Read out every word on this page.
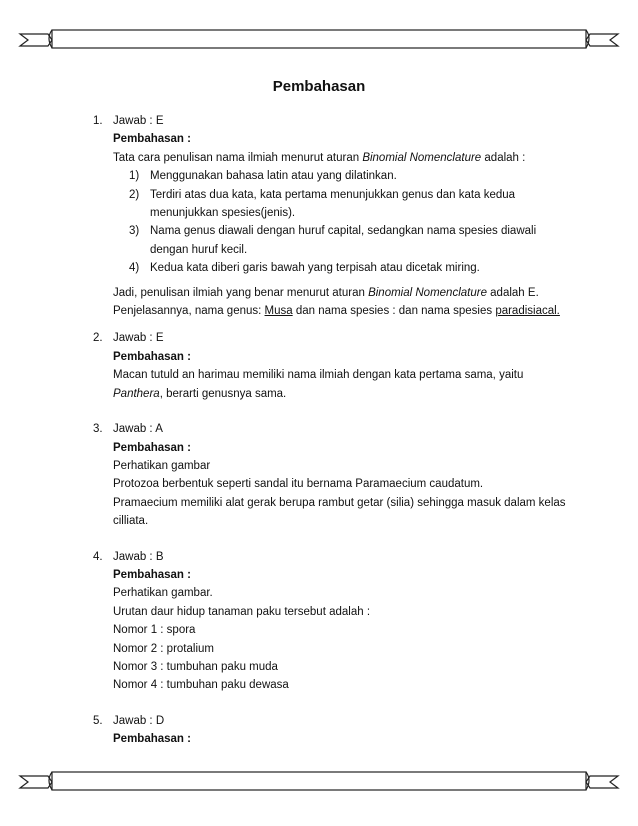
Pembahasan
1. Jawab : E
Pembahasan :
Tata cara penulisan nama ilmiah menurut aturan Binomial Nomenclature adalah :
1) Menggunakan bahasa latin atau yang dilatinkan.
2) Terdiri atas dua kata, kata pertama menunjukkan genus dan kata kedua menunjukkan spesies(jenis).
3) Nama genus diawali dengan huruf capital, sedangkan nama spesies diawali dengan huruf kecil.
4) Kedua kata diberi garis bawah yang terpisah atau dicetak miring.
Jadi, penulisan ilmiah yang benar menurut aturan Binomial Nomenclature adalah E.
Penjelasannya, nama genus: Musa dan nama spesies : dan nama spesies paradisiacal.
2. Jawab : E
Pembahasan :
Macan tutuld an harimau memiliki nama ilmiah dengan kata pertama sama, yaitu
Panthera, berarti genusnya sama.
3. Jawab : A
Pembahasan :
Perhatikan gambar
Protozoa berbentuk seperti sandal itu bernama Paramaecium caudatum.
Pramaecium memiliki alat gerak berupa rambut getar (silia) sehingga masuk dalam kelas
cilliata.
4. Jawab : B
Pembahasan :
Perhatikan gambar.
Urutan daur hidup tanaman paku tersebut adalah :
Nomor 1 : spora
Nomor 2 : protalium
Nomor 3 : tumbuhan paku muda
Nomor 4 : tumbuhan paku dewasa
5. Jawab : D
Pembahasan :
